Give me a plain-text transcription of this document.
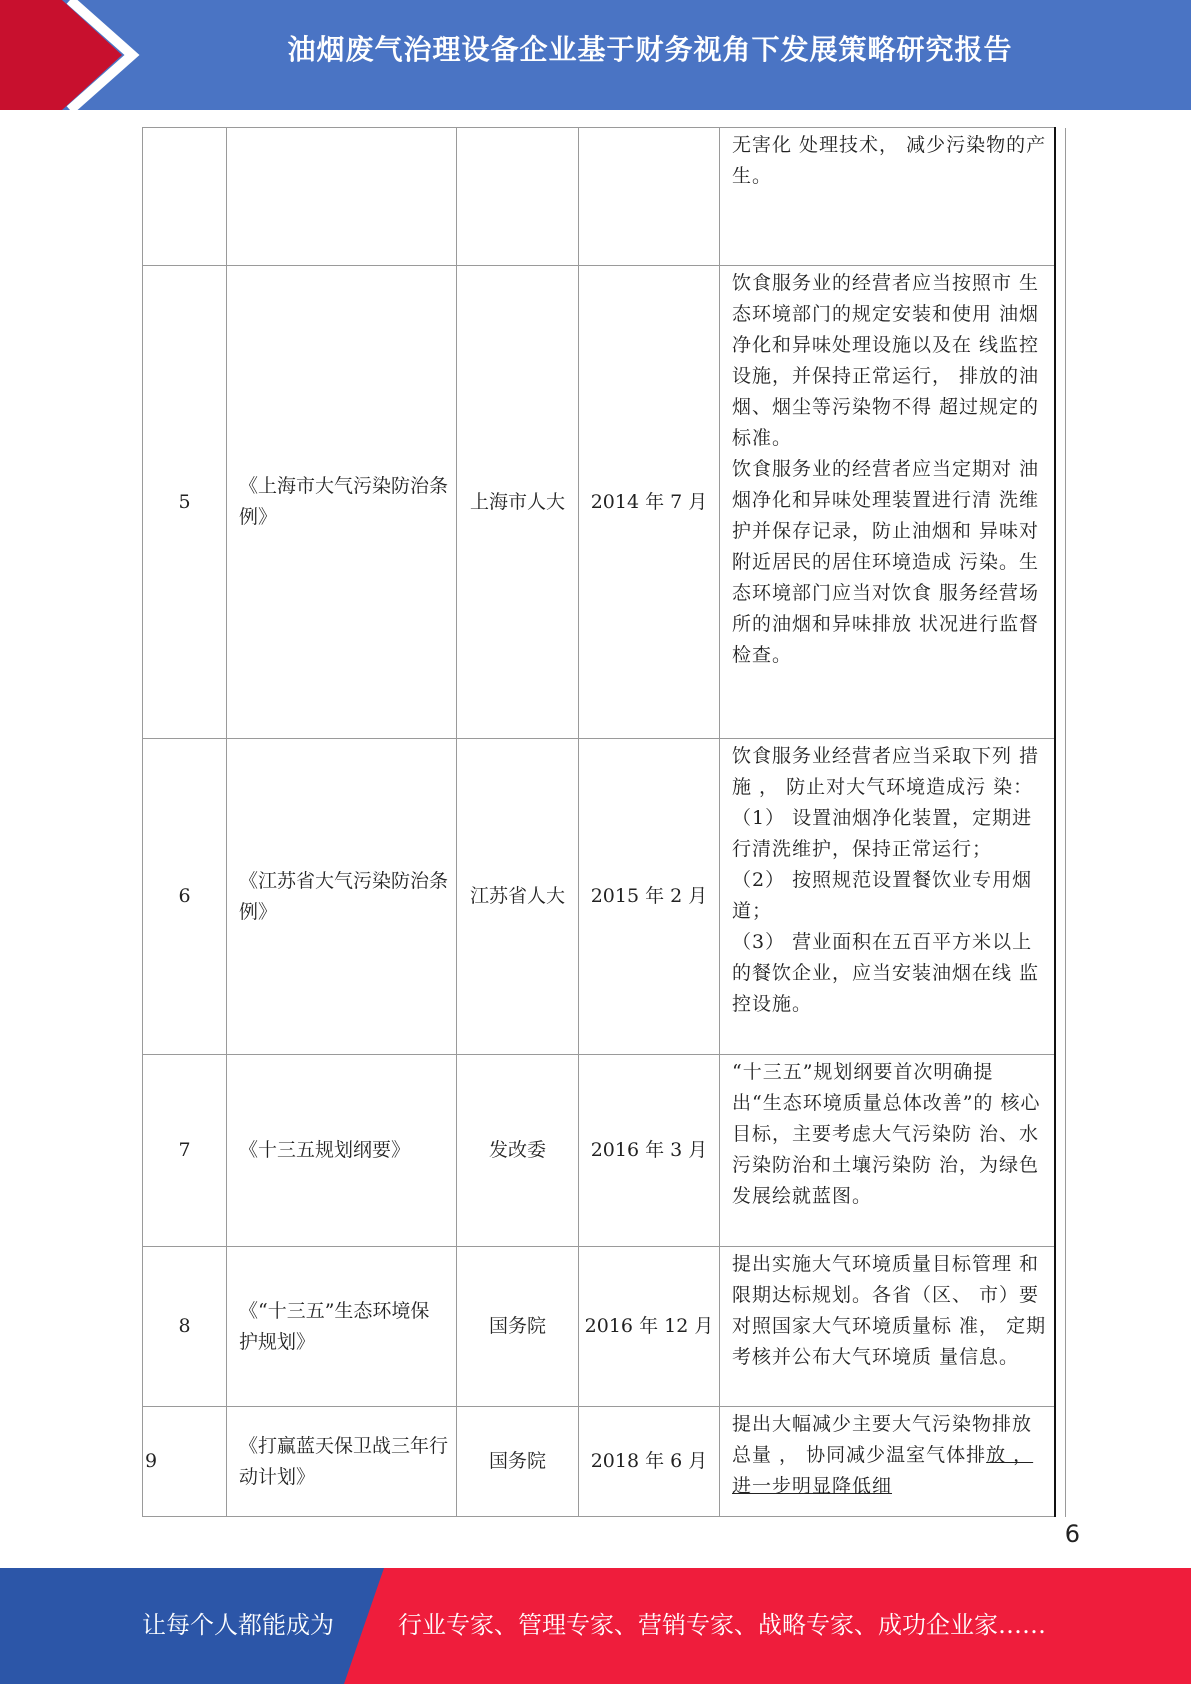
油烟废气治理设备企业基于财务视角下发展策略研究报告

				无害化 处理技术， 减少污染物的产生。	

5	《上海市大气污染防治条例》	上海市人大	2014 年 7 月	饮食服务业的经营者应当按照市 生态环境部门的规定安装和使用 油烟净化和异味处理设施以及在 线监控设施，并保持正常运行， 排放的油烟、烟尘等污染物不得 超过规定的标准。
饮食服务业的经营者应当定期对 油烟净化和异味处理装置进行清 洗维护并保存记录，防止油烟和 异味对附近居民的居住环境造成 污染。生态环境部门应当对饮食 服务经营场所的油烟和异味排放 状况进行监督检查。	

6	《江苏省大气污染防治条例》	江苏省人大	2015 年 2 月	饮食服务业经营者应当采取下列 措施 ， 防止对大气环境造成污 染：
（1） 设置油烟净化装置，定期进 行清洗维护，保持正常运行；
（2） 按照规范设置餐饮业专用烟 道；
（3） 营业面积在五百平方米以上 的餐饮企业，应当安装油烟在线 监控设施。	

7	《十三五规划纲要》	发改委	2016 年 3 月	“十三五”规划纲要首次明确提 出“生态环境质量总体改善”的 核心目标，主要考虑大气污染防 治、水污染防治和土壤污染防 治，为绿色发展绘就蓝图。	

8	《“十三五”生态环境保护规划》	国务院	2016 年 12 月	提出实施大气环境质量目标管理 和限期达标规划。各省（区、 市）要对照国家大气环境质量标 准， 定期考核并公布大气环境质 量信息。	

9	《打赢蓝天保卫战三年行动计划》	国务院	2018 年 6 月	提出大幅减少主要大气污染物排放总量 ， 协同减少温室气体排放 ，进一步明显降低细	
6
让每个人都能成为	行业专家、管理专家、营销专家、战略专家、成功企业家……
